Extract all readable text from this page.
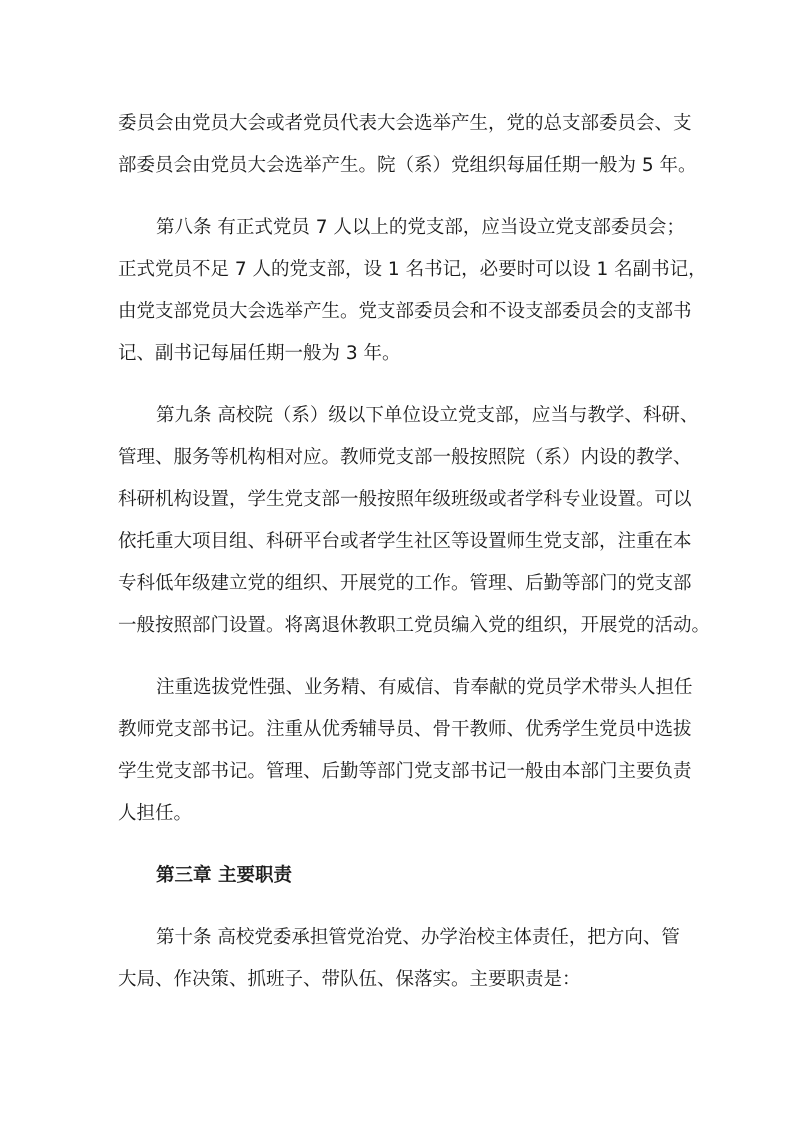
委员会由党员大会或者党员代表大会选举产生，党的总支部委员会、支
部委员会由党员大会选举产生。院（系）党组织每届任期一般为 5 年。
第八条 有正式党员 7 人以上的党支部，应当设立党支部委员会；
正式党员不足 7 人的党支部，设 1 名书记，必要时可以设 1 名副书记，
由党支部党员大会选举产生。党支部委员会和不设支部委员会的支部书
记、副书记每届任期一般为 3 年。
第九条 高校院（系）级以下单位设立党支部，应当与教学、科研、
管理、服务等机构相对应。教师党支部一般按照院（系）内设的教学、
科研机构设置，学生党支部一般按照年级班级或者学科专业设置。可以
依托重大项目组、科研平台或者学生社区等设置师生党支部，注重在本
专科低年级建立党的组织、开展党的工作。管理、后勤等部门的党支部
一般按照部门设置。将离退休教职工党员编入党的组织，开展党的活动。
注重选拔党性强、业务精、有威信、肯奉献的党员学术带头人担任
教师党支部书记。注重从优秀辅导员、骨干教师、优秀学生党员中选拔
学生党支部书记。管理、后勤等部门党支部书记一般由本部门主要负责
人担任。
第三章 主要职责
第十条 高校党委承担管党治党、办学治校主体责任，把方向、管
大局、作决策、抓班子、带队伍、保落实。主要职责是：
